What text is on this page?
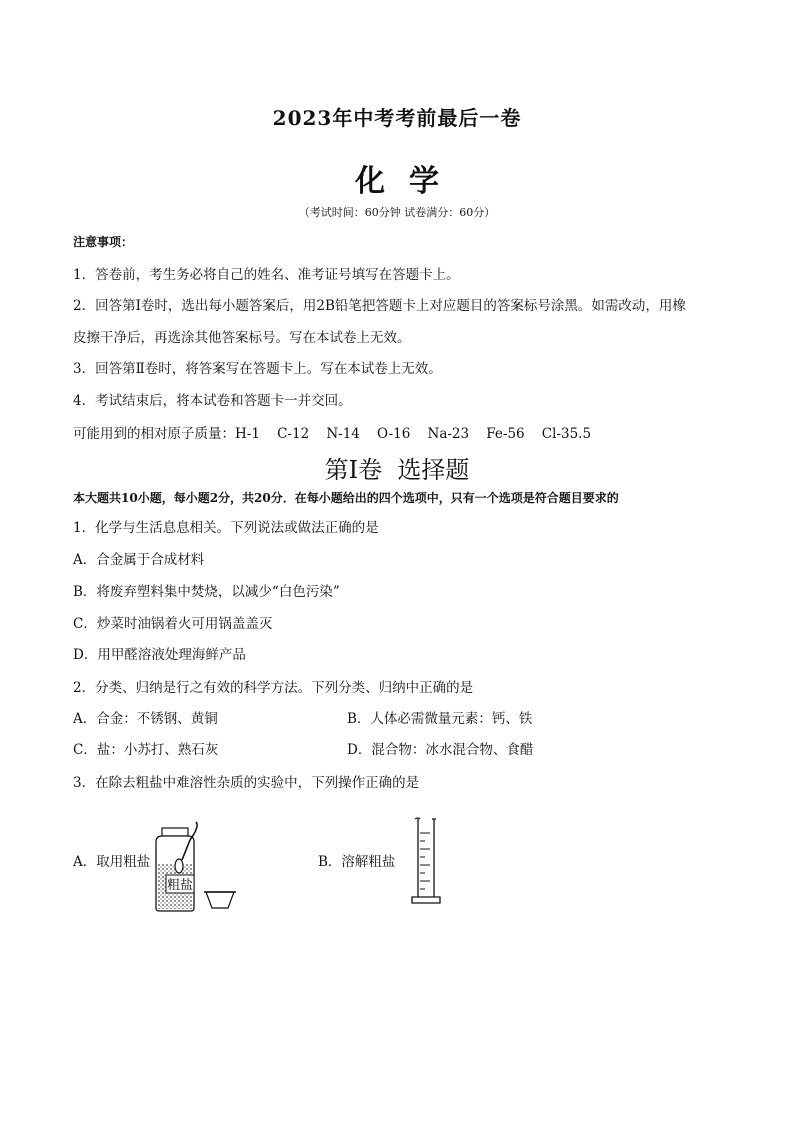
2023年中考考前最后一卷
化学
（考试时间：60分钟 试卷满分：60分）
注意事项：
1．答卷前，考生务必将自己的姓名、准考证号填写在答题卡上。
2．回答第Ⅰ卷时，选出每小题答案后，用2B铅笔把答题卡上对应题目的答案标号涂黑。如需改动，用橡
皮擦干净后，再选涂其他答案标号。写在本试卷上无效。
3．回答第Ⅱ卷时，将答案写在答题卡上。写在本试卷上无效。
4．考试结束后，将本试卷和答题卡一并交回。
可能用到的相对原子质量：H-1    C-12    N-14    O-16    Na-23    Fe-56    Cl-35.5
第Ⅰ卷  选择题
本大题共10小题，每小题2分，共20分．在每小题给出的四个选项中，只有一个选项是符合题目要求的
1．化学与生活息息相关。下列说法或做法正确的是
A．合金属于合成材料
B．将废弃塑料集中焚烧，以减少“白色污染”
C．炒菜时油锅着火可用锅盖盖灭
D．用甲醛溶液处理海鲜产品
2．分类、归纳是行之有效的科学方法。下列分类、归纳中正确的是
A．合金：不锈钢、黄铜	B．人体必需微量元素：钙、铁
C．盐：小苏打、熟石灰	D．混合物：冰水混合物、食醋
3．在除去粗盐中难溶性杂质的实验中，下列操作正确的是
A．取用粗盐	B．溶解粗盐
粗盐
